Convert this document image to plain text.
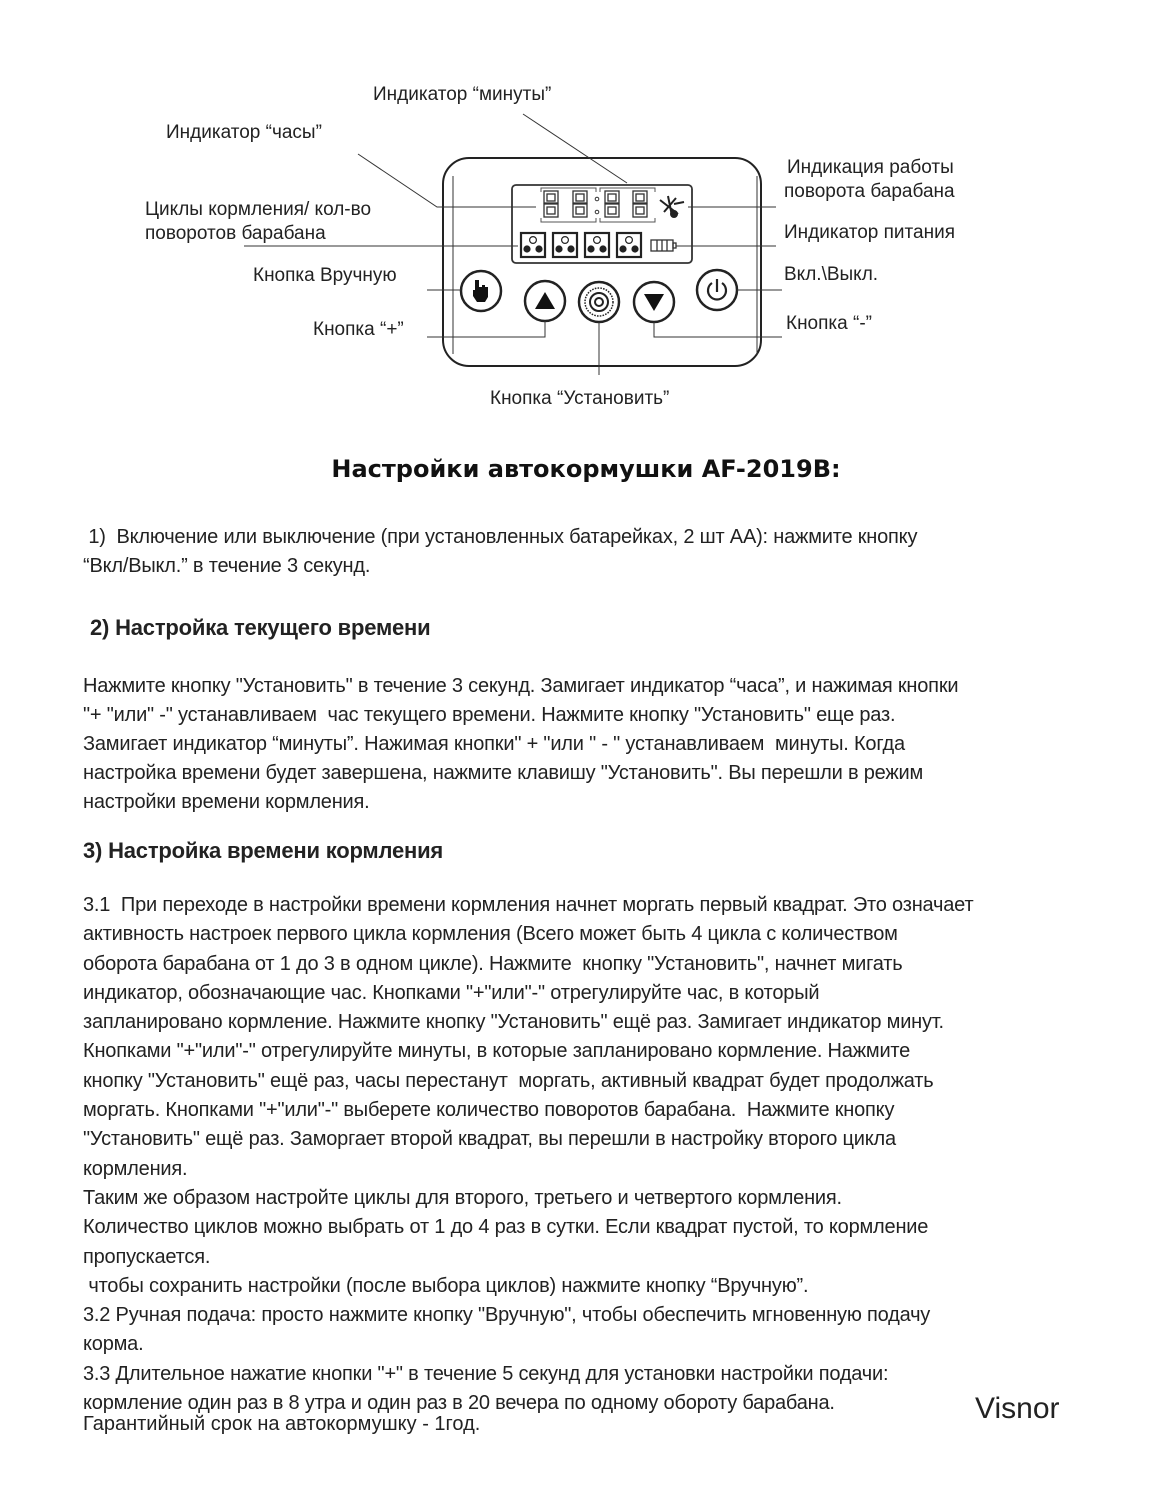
Индикатор “минуты”
Индикатор “часы”
Циклы кормления/ кол-во
поворотов барабана
Кнопка Вручную
Кнопка “+”
Индикация работы
поворота барабана
Индикатор питания
Вкл.\Выкл.
Кнопка “-”
Кнопка “Установить”
Настройки автокормушки AF-2019B:

1)  Включение или выключение (при установленных батарейках, 2 шт АА): нажмите кнопку

“Вкл/Выкл.” в течение 3 секунд.

2) Настройка текущего времени

Нажмите кнопку "Установить" в течение 3 секунд. Замигает индикатор “часа”, и нажимая кнопки

"+ "или" -" устанавливаем  час текущего времени. Нажмите кнопку "Установить" еще раз.

Замигает индикатор “минуты”. Нажимая кнопки" + "или " - " устанавливаем  минуты. Когда

настройка времени будет завершена, нажмите клавишу "Установить". Вы перешли в режим

настройки времени кормления.

3) Настройка времени кормления

3.1  При переходе в настройки времени кормления начнет моргать первый квадрат. Это означает

активность настроек первого цикла кормления (Всего может быть 4 цикла с количеством

оборота барабана от 1 до 3 в одном цикле). Нажмите  кнопку "Установить", начнет мигать

индикатор, обозначающие час. Кнопками "+"или"-" отрегулируйте час, в который

запланировано кормление. Нажмите кнопку "Установить" ещё раз. Замигает индикатор минут.

Кнопками "+"или"-" отрегулируйте минуты, в которые запланировано кормление. Нажмите

кнопку "Установить" ещё раз, часы перестанут  моргать, активный квадрат будет продолжать

моргать. Кнопками "+"или"-" выберете количество поворотов барабана.  Нажмите кнопку

"Установить" ещё раз. Заморгает второй квадрат, вы перешли в настройку второго цикла

кормления.

Таким же образом настройте циклы для второго, третьего и четвертого кормления.

Количество циклов можно выбрать от 1 до 4 раз в сутки. Если квадрат пустой, то кормление

пропускается.

чтобы сохранить настройки (после выбора циклов) нажмите кнопку “Вручную”.

3.2 Ручная подача: просто нажмите кнопку "Вручную", чтобы обеспечить мгновенную подачу

корма.

3.3 Длительное нажатие кнопки "+" в течение 5 секунд для установки настройки подачи:

кормление один раз в 8 утра и один раз в 20 вечера по одному обороту барабана.

Гарантийный срок на автокормушку - 1год.	Visnor
